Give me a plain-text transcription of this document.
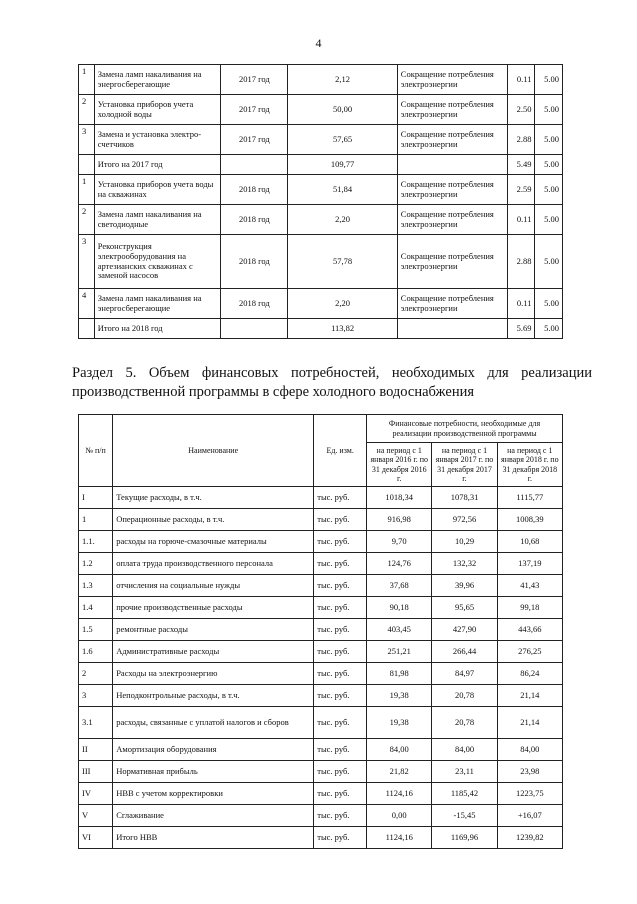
4
1	Замена ламп накаливания на энергосберегающие	2017 год	2,12	Сокращение потребления электроэнергии	0.11	5.00
2	Установка приборов учета холодной воды	2017 год	50,00	Сокращение потребления электроэнергии	2.50	5.00
3	Замена и установка электро-счетчиков	2017 год	57,65	Сокращение потребления электроэнергии	2.88	5.00
	Итого на 2017 год		109,77		5.49	5.00
1	Установка приборов учета воды на скважинах	2018 год	51,84	Сокращение потребления электроэнергии	2.59	5.00
2	Замена ламп накаливания на светодиодные	2018 год	2,20	Сокращение потребления электроэнергии	0.11	5.00
3	Реконструкция электрооборудования на артезианских скважинах с заменой насосов	2018 год	57,78	Сокращение потребления электроэнергии	2.88	5.00
4	Замена ламп накаливания на энергосберегающие	2018 год	2,20	Сокращение потребления электроэнергии	0.11	5.00
	Итого на 2018 год		113,82		5.69	5.00
Раздел 5. Объем финансовых потребностей, необходимых для реализации производственной программы в сфере холодного водоснабжения
№ п/п	Наименование	Ед. изм.	Финансовые потребности, необходимые для реализации производственной программы		
			на период с 1 января 2016 г. по 31 декабря 2016 г.	на период с 1 января 2017 г. по 31 декабря 2017 г.	на период с 1 января 2018 г. по 31 декабря 2018 г.
I	Текущие расходы, в т.ч.	тыс. руб.	1018,34	1078,31	1115,77
1	Операционные расходы, в т.ч.	тыс. руб.	916,98	972,56	1008,39
1.1.	расходы на горюче-смазочные материалы	тыс. руб.	9,70	10,29	10,68
1.2	оплата труда производственного персонала	тыс. руб.	124,76	132,32	137,19
1.3	отчисления на социальные нужды	тыс. руб.	37,68	39,96	41,43
1.4	прочие производственные расходы	тыс. руб.	90,18	95,65	99,18
1.5	ремонтные расходы	тыс. руб.	403,45	427,90	443,66
1.6	Административные расходы	тыс. руб.	251,21	266,44	276,25
2	Расходы на электроэнергию	тыс. руб.	81,98	84,97	86,24
3	Неподконтрольные расходы, в т.ч.	тыс. руб.	19,38	20,78	21,14
3.1	расходы, связанные с уплатой налогов и сборов	тыс. руб.	19,38	20,78	21,14
II	Амортизация оборудования	тыс. руб.	84,00	84,00	84,00
III	Нормативная прибыль	тыс. руб.	21,82	23,11	23,98
IV	НВВ с учетом корректировки	тыс. руб.	1124,16	1185,42	1223,75
V	Сглаживание	тыс. руб.	0,00	-15,45	+16,07
VI	Итого НВВ	тыс. руб.	1124,16	1169,96	1239,82
